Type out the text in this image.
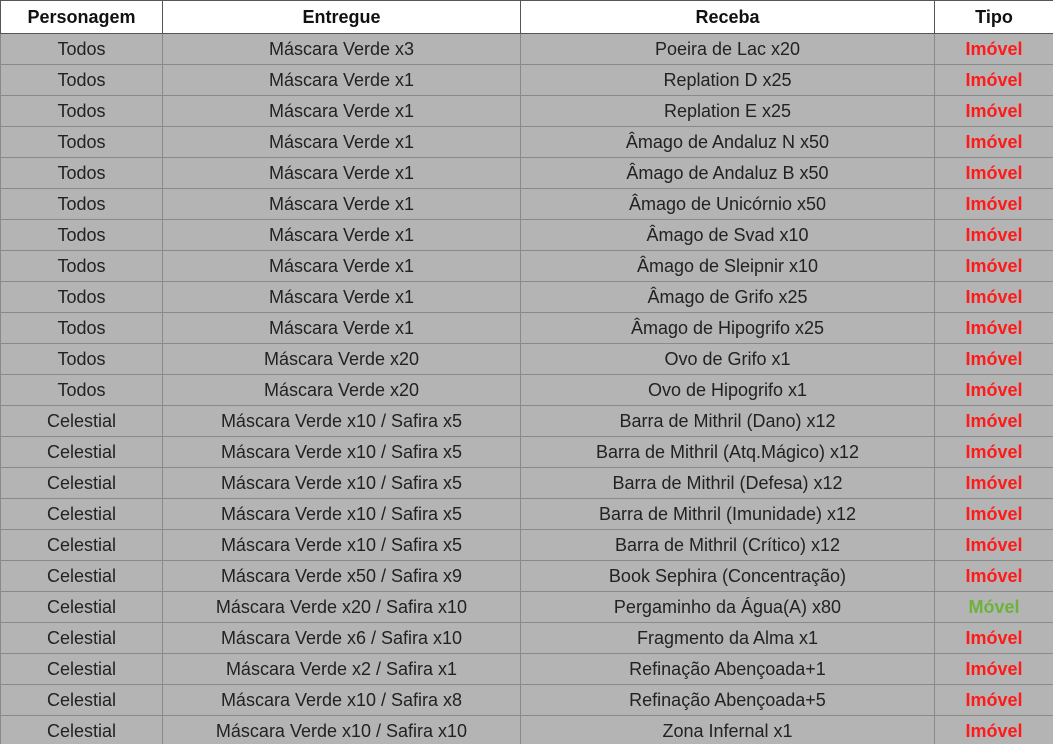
Personagem	Entregue	Receba	Tipo
Todos	Máscara Verde x3	Poeira de Lac x20	Imóvel
Todos	Máscara Verde x1	Replation D x25	Imóvel
Todos	Máscara Verde x1	Replation E x25	Imóvel
Todos	Máscara Verde x1	Âmago de Andaluz N x50	Imóvel
Todos	Máscara Verde x1	Âmago de Andaluz B x50	Imóvel
Todos	Máscara Verde x1	Âmago de Unicórnio x50	Imóvel
Todos	Máscara Verde x1	Âmago de Svad x10	Imóvel
Todos	Máscara Verde x1	Âmago de Sleipnir x10	Imóvel
Todos	Máscara Verde x1	Âmago de Grifo x25	Imóvel
Todos	Máscara Verde x1	Âmago de Hipogrifo x25	Imóvel
Todos	Máscara Verde x20	Ovo de Grifo x1	Imóvel
Todos	Máscara Verde x20	Ovo de Hipogrifo x1	Imóvel
Celestial	Máscara Verde x10 / Safira x5	Barra de Mithril (Dano) x12	Imóvel
Celestial	Máscara Verde x10 / Safira x5	Barra de Mithril (Atq.Mágico) x12	Imóvel
Celestial	Máscara Verde x10 / Safira x5	Barra de Mithril (Defesa) x12	Imóvel
Celestial	Máscara Verde x10 / Safira x5	Barra de Mithril (Imunidade) x12	Imóvel
Celestial	Máscara Verde x10 / Safira x5	Barra de Mithril (Crítico) x12	Imóvel
Celestial	Máscara Verde x50 / Safira x9	Book Sephira (Concentração)	Imóvel
Celestial	Máscara Verde x20 / Safira x10	Pergaminho da Água(A) x80	Móvel
Celestial	Máscara Verde x6 / Safira x10	Fragmento da Alma x1	Imóvel
Celestial	Máscara Verde x2 / Safira x1	Refinação Abençoada+1	Imóvel
Celestial	Máscara Verde x10 / Safira x8	Refinação Abençoada+5	Imóvel
Celestial	Máscara Verde x10 / Safira x10	Zona Infernal x1	Imóvel
